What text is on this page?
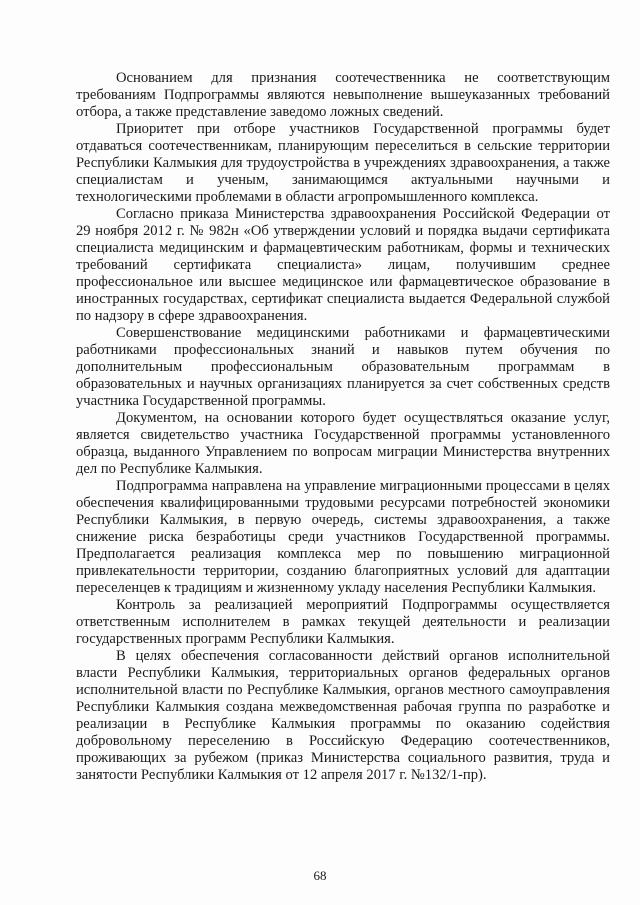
Основанием для признания соотечественника не соответствующим требованиям Подпрограммы являются невыполнение вышеуказанных требований отбора, а также представление заведомо ложных сведений.

Приоритет при отборе участников Государственной программы будет отдаваться соотечественникам, планирующим переселиться в сельские территории Республики Калмыкия для трудоустройства в учреждениях здравоохранения, а также специалистам и ученым, занимающимся актуальными научными и технологическими проблемами в области агропромышленного комплекса.

Согласно приказа Министерства здравоохранения Российской Федерации от 29 ноября 2012 г. № 982н «Об утверждении условий и порядка выдачи сертификата специалиста медицинским и фармацевтическим работникам, формы и технических требований сертификата специалиста» лицам, получившим среднее профессиональное или высшее медицинское или фармацевтическое образование в иностранных государствах, сертификат специалиста выдается Федеральной службой по надзору в сфере здравоохранения.

Совершенствование медицинскими работниками и фармацевтическими работниками профессиональных знаний и навыков путем обучения по дополнительным профессиональным образовательным программам в образовательных и научных организациях планируется за счет собственных средств участника Государственной программы.

Документом, на основании которого будет осуществляться оказание услуг, является свидетельство участника Государственной программы установленного образца, выданного Управлением по вопросам миграции Министерства внутренних дел по Республике Калмыкия.

Подпрограмма направлена на управление миграционными процессами в целях обеспечения квалифицированными трудовыми ресурсами потребностей экономики Республики Калмыкия, в первую очередь, системы здравоохранения, а также снижение риска безработицы среди участников Государственной программы. Предполагается реализация комплекса мер по повышению миграционной привлекательности территории, созданию благоприятных условий для адаптации переселенцев к традициям и жизненному укладу населения Республики Калмыкия.

Контроль за реализацией мероприятий Подпрограммы осуществляется ответственным исполнителем в рамках текущей деятельности и реализации государственных программ Республики Калмыкия.

В целях обеспечения согласованности действий органов исполнительной власти Республики Калмыкия, территориальных органов федеральных органов исполнительной власти по Республике Калмыкия, органов местного самоуправления Республики Калмыкия создана межведомственная рабочая группа по разработке и реализации в Республике Калмыкия программы по оказанию содействия добровольному переселению в Российскую Федерацию соотечественников, проживающих за рубежом (приказ Министерства социального развития, труда и занятости Республики Калмыкия от 12 апреля 2017 г. №132/1-пр).

68
